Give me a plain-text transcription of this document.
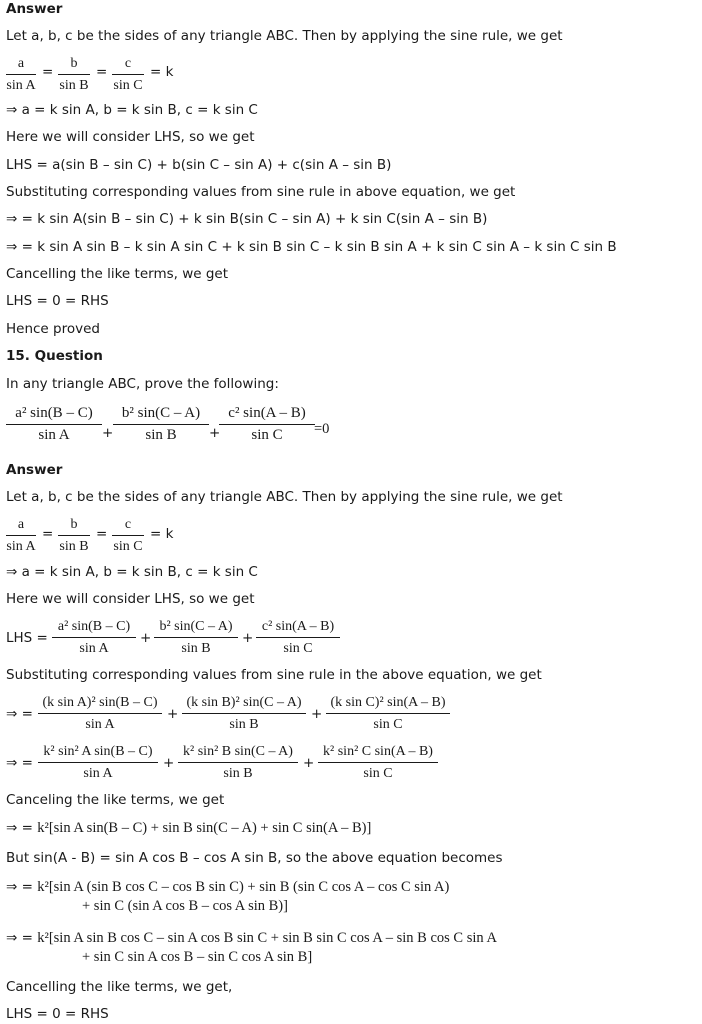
Answer
Let a, b, c be the sides of any triangle ABC. Then by applying the sine rule, we get
$\frac{a}{\text{sin A}} = \frac{b}{\text{sin B}} = \frac{c}{\text{sin C}} = k$
⇒ a = k sin A, b = k sin B, c = k sin C
Here we will consider LHS, so we get
LHS = a(sin B – sin C) + b(sin C – sin A) + c(sin A – sin B)
Substituting corresponding values from sine rule in above equation, we get
⇒ = k sin A(sin B – sin C) + k sin B(sin C – sin A) + k sin C(sin A – sin B)
⇒ = k sin A sin B – k sin A sin C + k sin B sin C – k sin B sin A + k sin C sin A – k sin C sin B
Cancelling the like terms, we get
LHS = 0 = RHS
Hence proved
15. Question
In any triangle ABC, prove the following:
$\frac{\text{a² sin(B – C)}}{\text{sin A}} + \frac{\text{b² sin(C – A)}}{\text{sin B}}$ +
$\frac{\text{c² sin(A – B)}}{\text{sin C}} =0$
Answer
Let a, b, c be the sides of any triangle ABC. Then by applying the sine rule, we get
$\frac{a}{\text{sin A}} = \frac{b}{\text{sin B}} = \frac{c}{\text{sin C}} = k$
⇒ a = k sin A, b = k sin B, c = k sin C
Here we will consider LHS, so we get
LHS = $\frac{\text{a² sin(B – C)}}{\text{sin A}} + \frac{\text{b² sin(C – A)}}{\text{sin B}} + \frac{\text{c² sin(A – B)}}{\text{sin C}}$
Substituting corresponding values from sine rule in the above equation, we get
⇒ = $\frac{\text{(k sin A)² sin(B – C)}}{\text{sin A}} + \frac{\text{(k sin B)² sin(C – A)}}{\text{sin B}} + \frac{\text{(k sin C)² sin(A – B)}}{\text{sin C}}$
⇒ = $\frac{\text{k² sin² A sin(B – C)}}{\text{sin A}} + \frac{\text{k² sin² B sin(C – A)}}{\text{sin B}} + \frac{\text{k² sin² C sin(A – B)}}{\text{sin C}}$
Canceling the like terms, we get
⇒ = k²[sin A sin(B – C) + sin B sin(C – A) + sin C sin(A – B)]
But sin(A - B) = sin A cos B – cos A sin B, so the above equation becomes
⇒ = k²[sin A (sin B cos C – cos B sin C) + sin B (sin C cos A – cos C sin A)
+ sin C (sin A cos B – cos A sin B)]
⇒ = k²[sin A sin B cos C – sin A cos B sin C + sin B sin C cos A – sin B cos C sin A
+ sin C sin A cos B – sin C cos A sin B]
Cancelling the like terms, we get,
LHS = 0 = RHS
